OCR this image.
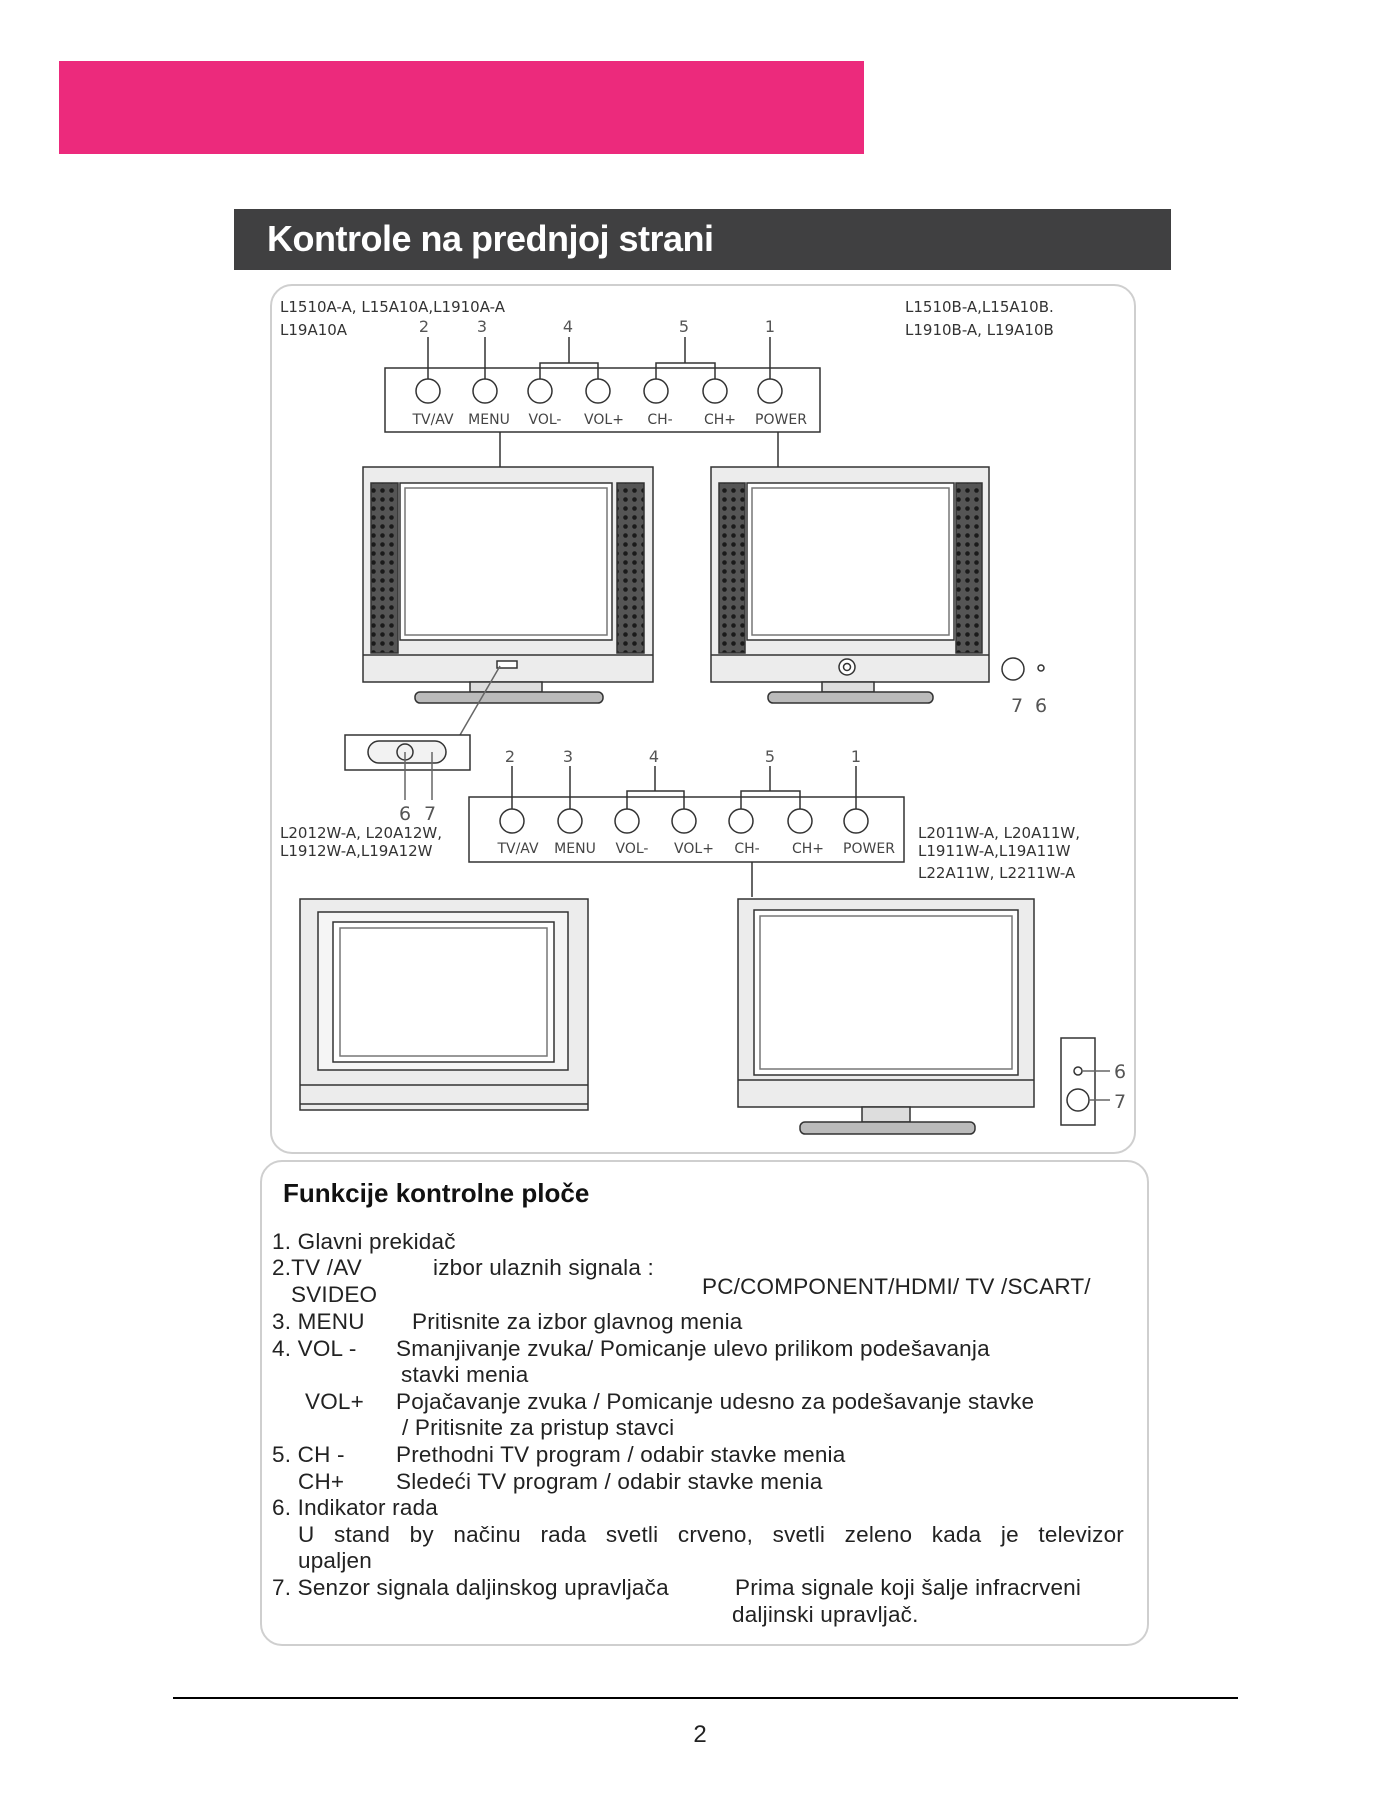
Kontrole na prednjoj strani
L1510A-A, L15A10A,L1910A-A
L19A10A
L1510B-A,L15A10B.
L1910B-A, L19A10B
L2012W-A, L20A12W,
L1912W-A,L19A12W
L2011W-A, L20A11W,
L1911W-A,L19A11W
L22A11W, L2211W-A
TV/AV MENU VOL- VOL+ CH- CH+ POWER
2	3	4	5	1
6 7
7 6
TV/AV MENU VOL- VOL+ CH- CH+ POWER
2	3	4	5	1
6
7
Funkcije kontrolne ploče
1. Glavni prekidač
2.TV /AV	izbor ulaznih signala :
PC/COMPONENT/HDMI/ TV /SCART/
SVIDEO
3. MENU Pritisnite za izbor glavnog menia
4. VOL - Smanjivanje zvuka/ Pomicanje ulevo prilikom podešavanja
stavki menia
VOL+ Pojačavanje zvuka / Pomicanje udesno za podešavanje stavke
/ Pritisnite za pristup stavci
5. CH - Prethodni TV program / odabir stavke menia
CH+ Sledeći TV program / odabir stavke menia
6. Indikator rada
U stand by načinu rada svetli crveno, svetli zeleno kada je televizor
upaljen
7. Senzor signala daljinskog upravljača	Prima signale koji šalje infracrveni
daljinski upravljač.
2
